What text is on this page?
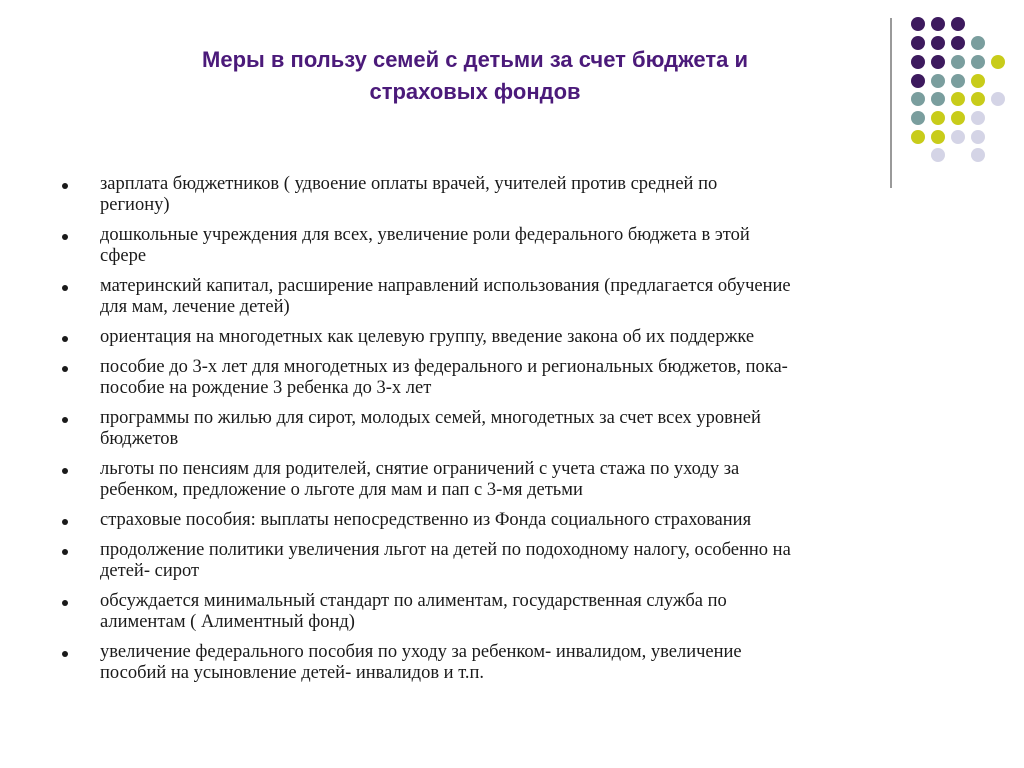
Меры в пользу семей с детьми за счет бюджета и
страховых фондов
зарплата бюджетников ( удвоение оплаты врачей, учителей против средней по
региону)
дошкольные учреждения для всех, увеличение роли федерального бюджета в этой
сфере
материнский капитал, расширение направлений использования (предлагается обучение
для мам, лечение детей)
ориентация на многодетных как целевую группу, введение закона об их поддержке
пособие до 3-х лет для многодетных из федерального и региональных бюджетов, пока-
пособие на рождение 3 ребенка до 3-х лет
программы по жилью для сирот, молодых семей, многодетных за счет всех уровней
бюджетов
льготы по пенсиям для родителей, снятие ограничений с учета стажа по уходу за
ребенком, предложение о льготе для мам и пап с 3-мя детьми
страховые пособия: выплаты непосредственно из Фонда социального страхования
продолжение политики увеличения льгот на детей по подоходному налогу, особенно на
детей- сирот
обсуждается минимальный стандарт по алиментам, государственная служба по
алиментам ( Алиментный фонд)
увеличение федерального пособия по уходу за ребенком- инвалидом, увеличение
пособий на усыновление детей- инвалидов и т.п.
